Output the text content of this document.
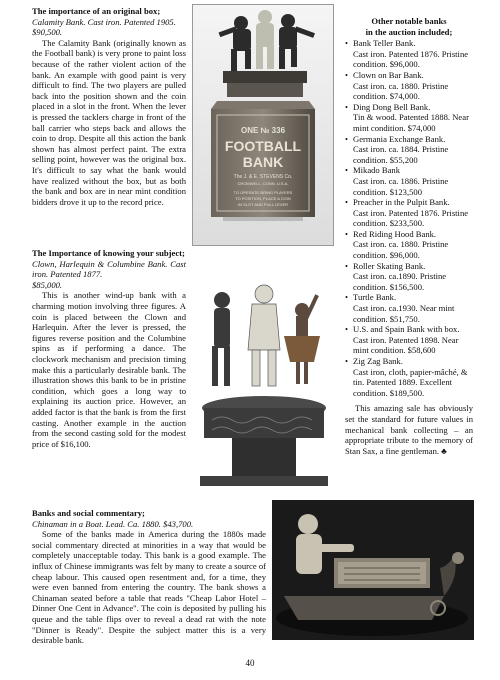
The importance of an original box;

Calamity Bank. Cast iron. Patented 1905.

$90,500.

The Calamity Bank (originally known as the Football bank) is very prone to paint loss because of the rather violent action of the bank. An example with good paint is very difficult to find. The two players are pulled back into the position shown and the coin placed in a slot in the front. When the lever is pressed the tacklers charge in front of the ball carrier who steps back and allows the coin to drop. Despite all this action the bank shown has almost perfect paint. The extra selling point, however was the original box. It's difficult to say what the bank would have realized without the box, but as both the bank and box are in near mint condition bidders drove it up to the record price.

ONE № 336
FOOTBALL
BANK
The J. & E. STEVENS Co.
CROMWELL, CONN. U.S.A.
TO OPERATE-BRING PLAYERS
TO POSITION, PLACE A COIN
IN SLOT AND PULL LEVER

The Importance of knowing your subject;

Clown, Harlequin & Columbine Bank. Cast iron. Patented 1877.

$85,000.

This is another wind-up bank with a charming motion involving three figures. A coin is placed between the Clown and Harlequin. After the lever is pressed, the figures reverse position and the Columbine spins as if performing a dance. The clockwork mechanism and precision timing make this a particularly desirable bank. The illustration shows this bank to be in pristine condition, which goes a long way to explaining its auction price. However, an added factor is that the bank is from the first casting. Another example in the auction from the second casting sold for the modest price of $16,100.

Other notable banks

in the auction included;

• Bank Teller Bank.
Cast iron. Patented 1876. Pristine condition. $96,000.
• Clown on Bar Bank.
Cast iron. ca. 1880. Pristine condition. $74,000.
• Ding Dong Bell Bank.
Tin & wood. Patented 1888. Near mint condition. $74,000
• Germania Exchange Bank.
Cast iron. ca. 1884. Pristine condition. $55,200
• Mikado Bank
Cast iron. ca. 1886. Pristine condition. $123,500
• Preacher in the Pulpit Bank.
Cast iron. Patented 1876. Pristine condition. $233,500.
• Red Riding Hood Bank.
Cast iron. ca. 1880. Pristine condition. $96,000.
• Roller Skating Bank.
Cast iron. ca.1890. Pristine condition. $156,500.
• Turtle Bank.
Cast iron. ca.1930. Near mint condition. $51,750.
• U.S. and Spain Bank with box.
Cast iron. Patented 1898. Near mint condition. $58,600
• Zig Zag Bank.
Cast iron, cloth, papier-mâché, & tin. Patented 1889. Excellent condition. $189,500.

This amazing sale has obviously set the standard for future values in mechanical bank collecting – an appropriate tribute to the memory of Stan Sax, a fine gentleman. ♣

Banks and social commentary;

Chinaman in a Boat. Lead. Ca. 1880. $43,700.

Some of the banks made in America during the 1880s made social commentary directed at minorities in a way that would be completely unacceptable today. This bank is a good example. The influx of Chinese immigrants was felt by many to create a source of cheap labour. This caused open resentment and, for a time, they were even banned from entering the country. The bank shows a Chinaman seated before a table that reads "Cheap Labor Hotel – Dinner One Cent in Advance". The coin is deposited by pulling his queue and the table flips over to reveal a dead rat with the note "Dinner is Ready". Despite the subject matter this is a very desirable bank.

40
